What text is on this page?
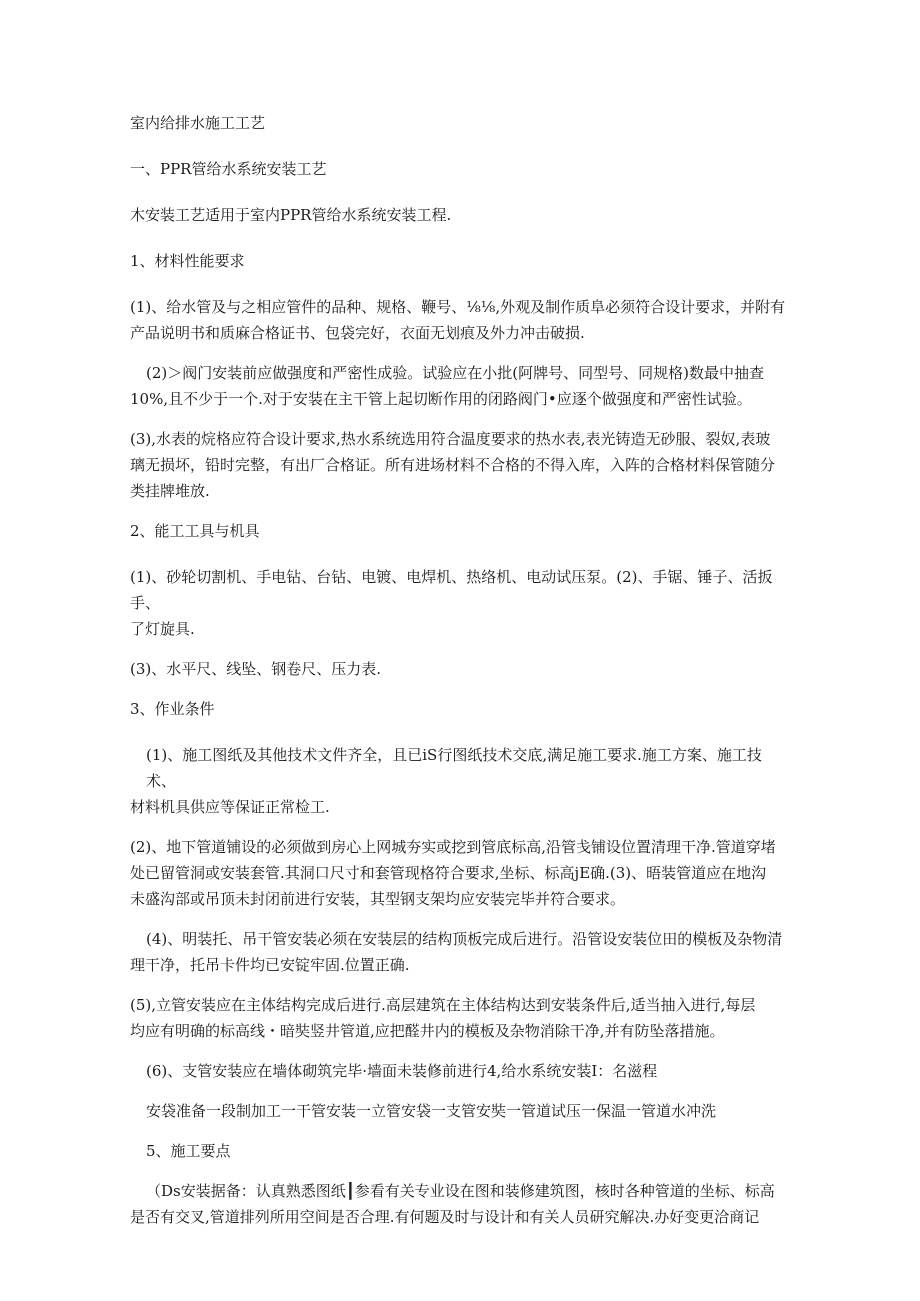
室内给排水施工工艺

一、PPR管给水系统安装工艺

木安装工艺适用于室内PPR管给水系统安装工程.

1、材料性能要求

(1)、给水管及与之相应管件的品种、规格、鞭号、⅛⅛,外观及制作质阜必须符合设计要求，并附有
产品说明书和质麻合格证书、包袋完好，衣面无划痕及外力冲击破损.

(2)＞阀门安装前应做强度和严密性成验。试验应在小批(阿牌号、同型号、同规格)数最中抽查
10%,且不少于一个.对于安装在主干管上起切断作用的闭路阀门•应逐个做强度和严密性试验。

(3),水表的烷格应符合设计要求,热水系统选用符合温度要求的热水表,表光铸造无砂服、裂奴,表玻
璃无损坏，铅时完整，有出厂合格证。所有进场材料不合格的不得入库，入阵的合格材料保管随分
类挂牌堆放.

2、能工工具与机具

(1)、砂轮切割机、手电钻、台钻、电镀、电焊机、热络机、电动试压泵。(2)、手锯、锤子、活扳手、
了灯旋具.

(3)、水平尺、线坠、钢卷尺、压力表.

3、作业条件

(1)、施工图纸及其他技术文件齐全，且已iS行图纸技术交底,满足施工要求.施工方案、施工技术、
材料机具供应等保证正常检工.

(2)、地下管道铺设的必须做到房心上网城夯实或挖到管底标高,沿管戋铺设位置清理干净.管道穿堵
处已留管洞或安装套管.其洞口尺寸和套管现格符合要求,坐标、标高jE确.(3)、晤装管道应在地沟
未盛沟部或吊顶未封闭前进行安装，其型钢支架均应安装完毕并符合要求。

(4)、明装托、吊干管安装必须在安装层的结构顶板完成后进行。沿管设安装位田的模板及杂物清
理干净，托吊卡件均已安锭牢固.位置正确.

(5),立管安装应在主体结构完成后进行.高层建筑在主体结构达到安装条件后,适当抽入进行,每层
均应有明确的标高线・暗奘竖井管道,应把醛井内的模板及杂物消除干净,并有防坠落措施。

(6)、支管安装应在墙体砌筑完毕·墙面未装修前进行4,给水系统安装I：名滋程

安袋准备一段制加工一干管安装一立管安袋一支管安奘一管道试压一保温一管道水冲洗

5、施工要点

（Ds安装据备：认真熟悉图纸┃参看有关专业设在图和装修建筑图，核时各种管道的坐标、标高
是否有交叉,管道排列所用空间是否合理.有何题及时与设计和有关人员研究解决.办好变更洽商记
